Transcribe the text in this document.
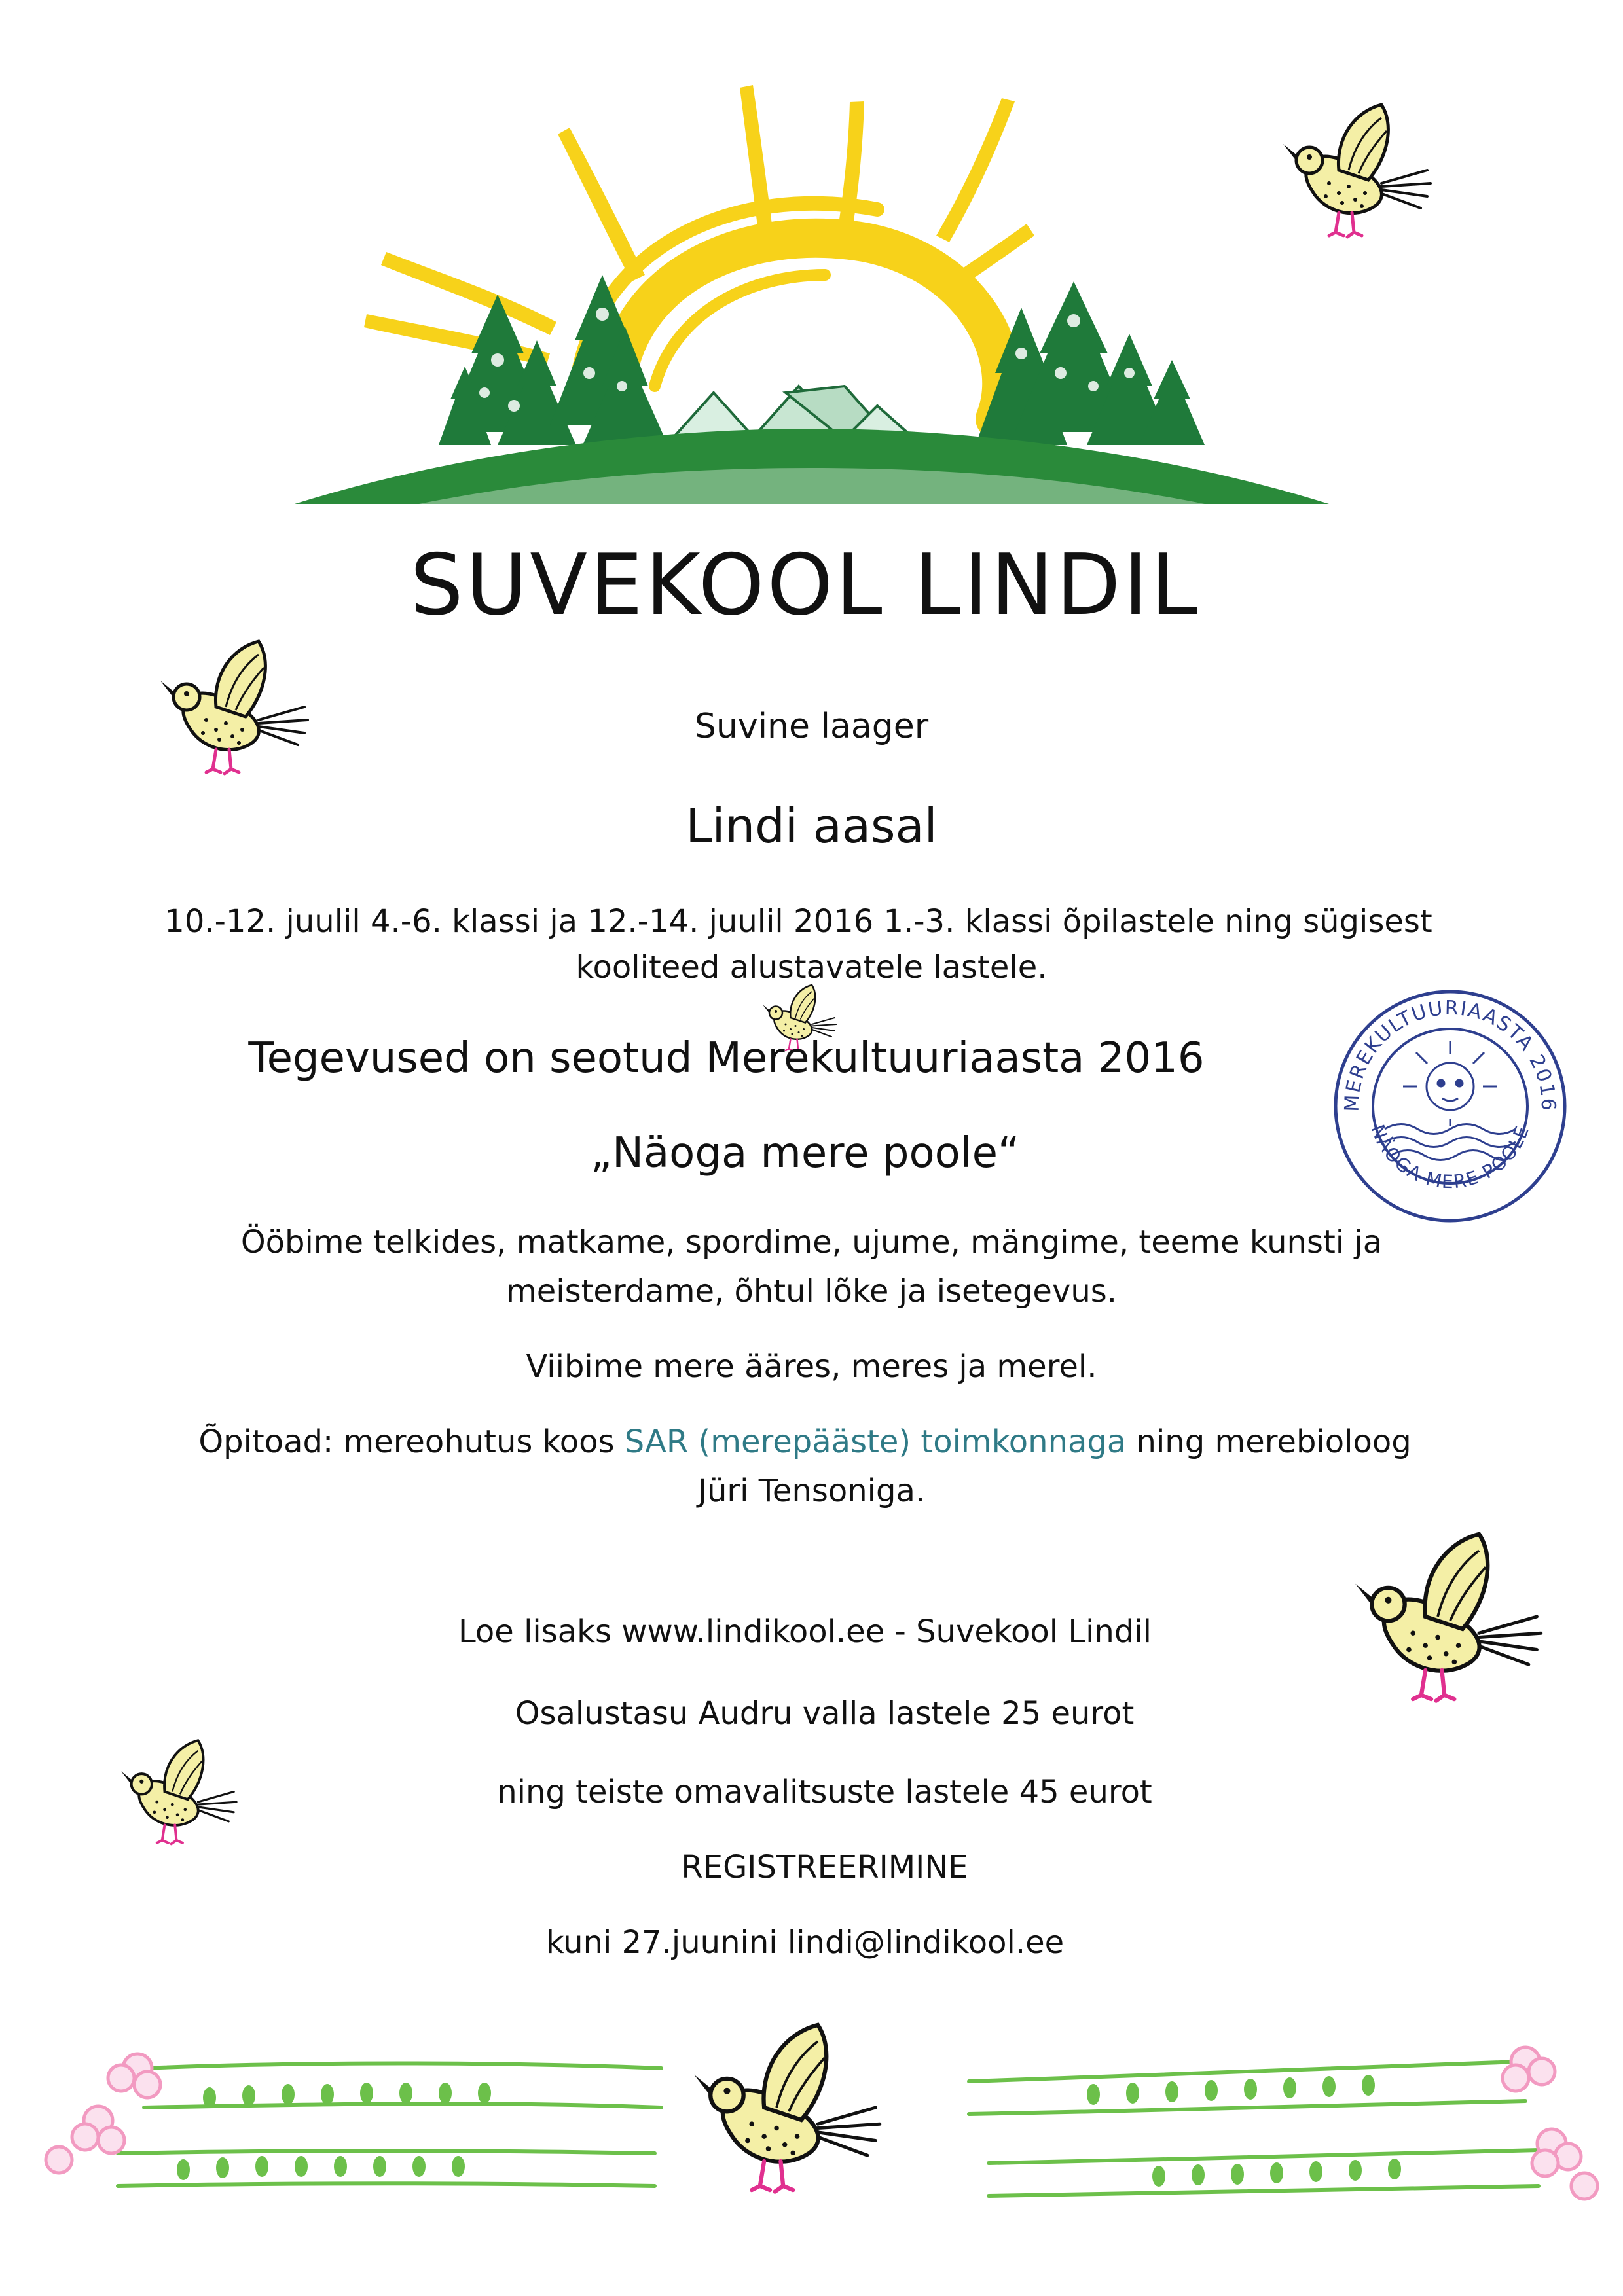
SUVEKOOL LINDIL
Suvine laager
Lindi aasal
10.-12. juulil 4.-6. klassi ja 12.-14. juulil 2016 1.-3. klassi õpilastele ning sügisest
kooliteed alustavatele lastele.
Tegevused on seotud Merekultuuriaasta 2016
„Näoga mere poole“
MEREKULTUURIAASTA 2016
NÄOGA MERE POOLE
Ööbime telkides, matkame, spordime, ujume, mängime, teeme kunsti ja
meisterdame, õhtul lõke ja isetegevus.
Viibime mere ääres, meres ja merel.
Õpitoad: mereohutus koos SAR (merepääste) toimkonnaga ning merebioloog
Jüri Tensoniga.
Loe lisaks www.lindikool.ee - Suvekool Lindil
Osalustasu Audru valla lastele 25 eurot
ning teiste omavalitsuste lastele 45 eurot
REGISTREERIMINE
kuni 27.juunini lindi@lindikool.ee
